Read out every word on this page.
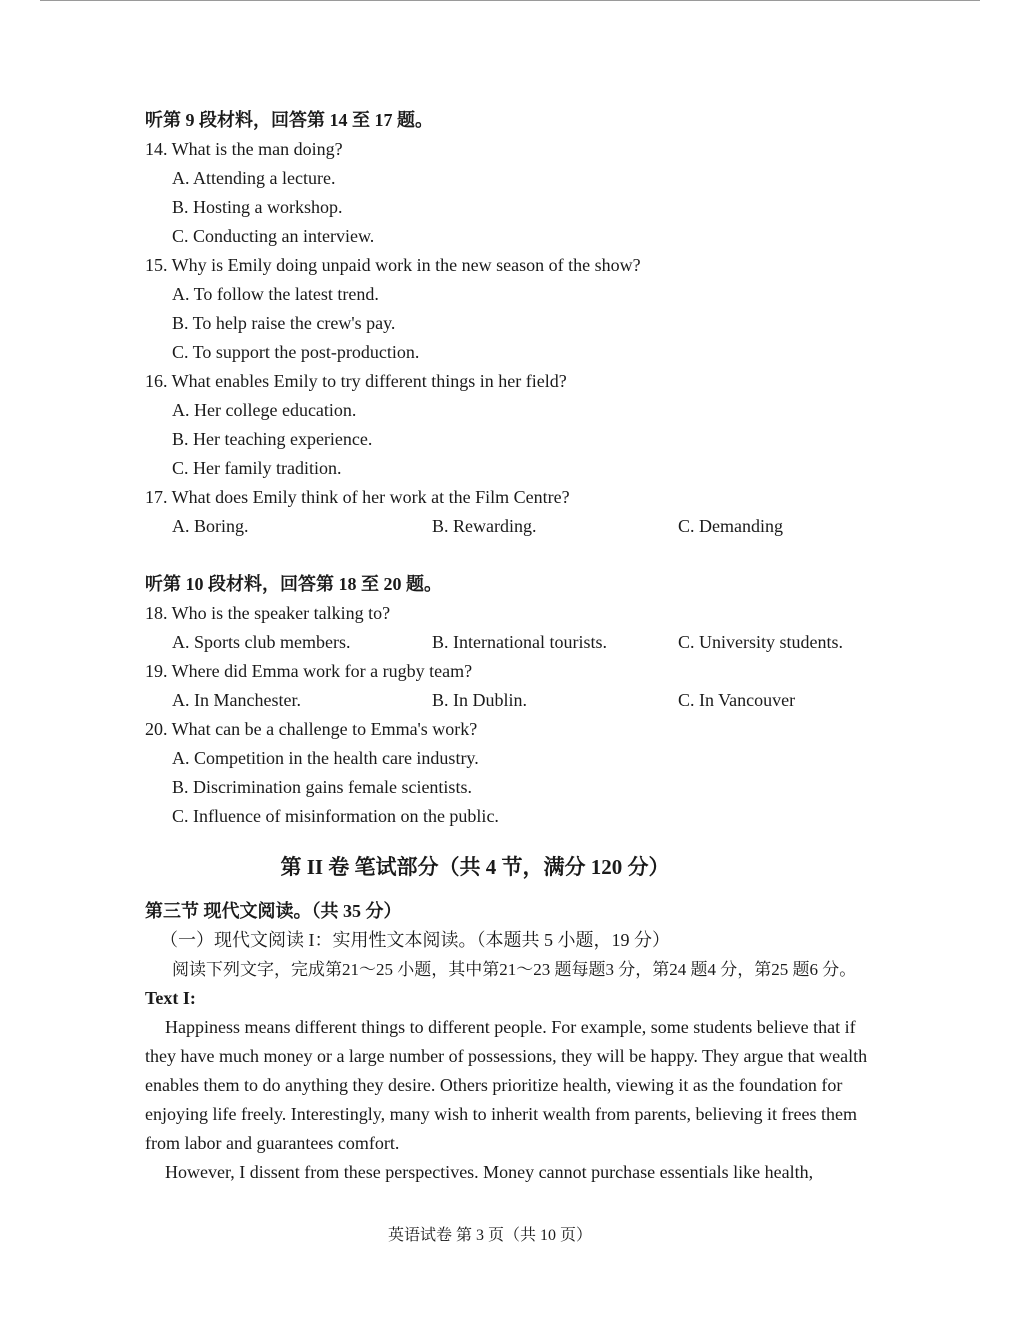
听第 9 段材料，回答第 14 至 17 题。
14. What is the man doing?
A. Attending a lecture.
B. Hosting a workshop.
C. Conducting an interview.
15. Why is Emily doing unpaid work in the new season of the show?
A. To follow the latest trend.
B. To help raise the crew's pay.
C. To support the post-production.
16. What enables Emily to try different things in her field?
A. Her college education.
B. Her teaching experience.
C. Her family tradition.
17. What does Emily think of her work at the Film Centre?
A. Boring.	B. Rewarding.	C. Demanding
听第 10 段材料，回答第 18 至 20 题。
18. Who is the speaker talking to?
A. Sports club members.	B. International tourists.	C. University students.
19. Where did Emma work for a rugby team?
A. In Manchester.	B. In Dublin.	C. In Vancouver
20. What can be a challenge to Emma's work?
A. Competition in the health care industry.
B. Discrimination gains female scientists.
C. Influence of misinformation on the public.
第 II 卷 笔试部分（共 4 节，满分 120 分）
第三节 现代文阅读。（共 35 分）
（一）现代文阅读 I：实用性文本阅读。（本题共 5 小题，19 分）
阅读下列文字，完成第21～25 小题，其中第21～23 题每题3 分，第24 题4 分，第25 题6 分。
Text I:
Happiness means different things to different people. For example, some students believe that if they have much money or a large number of possessions, they will be happy. They argue that wealth enables them to do anything they desire. Others prioritize health, viewing it as the foundation for enjoying life freely. Interestingly, many wish to inherit wealth from parents, believing it frees them from labor and guarantees comfort.
However, I dissent from these perspectives. Money cannot purchase essentials like health,
英语试卷 第 3 页（共 10 页）
